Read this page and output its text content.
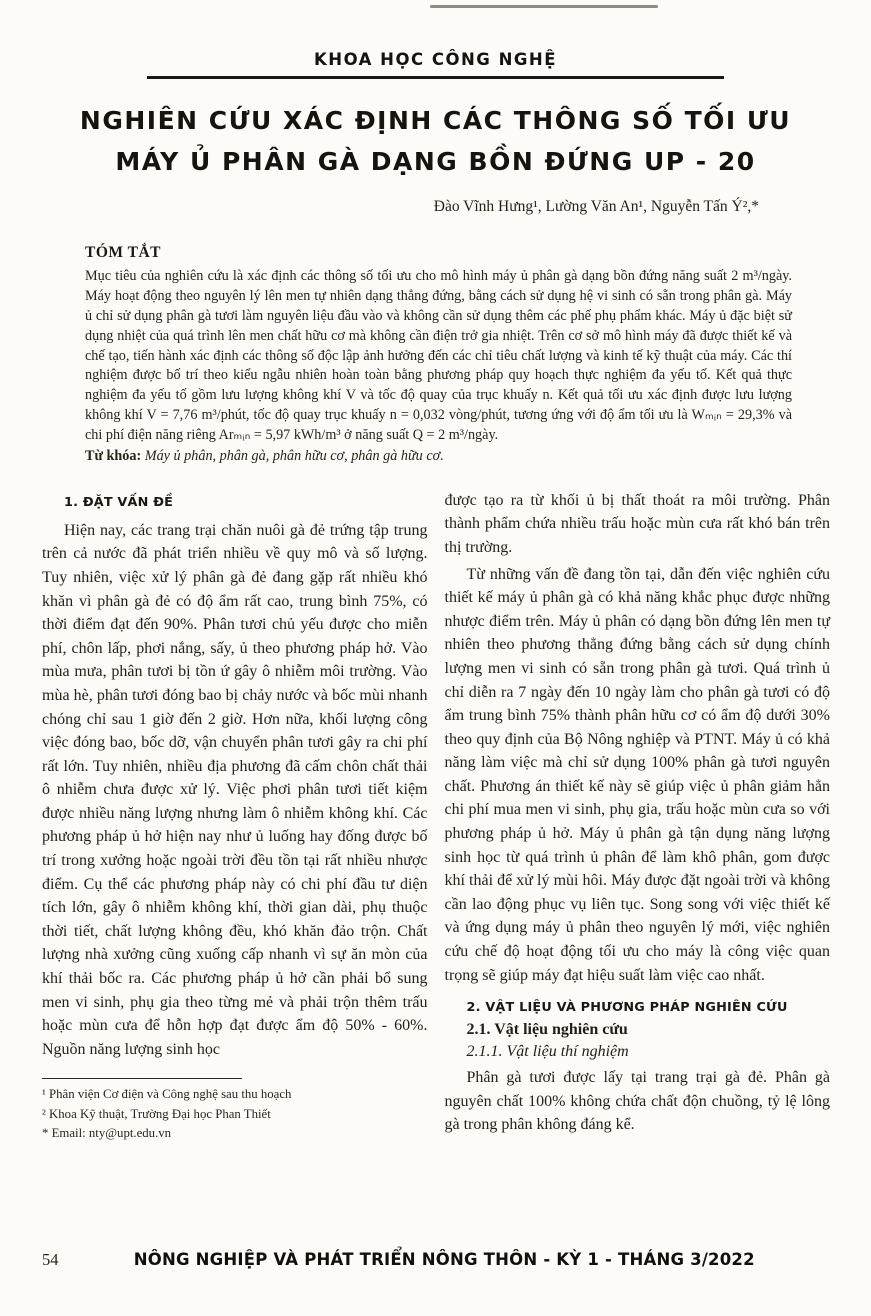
KHOA HỌC CÔNG NGHỆ
NGHIÊN CỨU XÁC ĐỊNH CÁC THÔNG SỐ TỐI ƯU
MÁY Ủ PHÂN GÀ DẠNG BỒN ĐỨNG UP - 20
Đào Vĩnh Hưng¹, Lường Văn An¹, Nguyễn Tấn Ý²,*
TÓM TẮT

Mục tiêu của nghiên cứu là xác định các thông số tối ưu cho mô hình máy ủ phân gà dạng bồn đứng năng suất 2 m³/ngày. Máy hoạt động theo nguyên lý lên men tự nhiên dạng thẳng đứng, bằng cách sử dụng hệ vi sinh có sẵn trong phân gà. Máy ủ chỉ sử dụng phân gà tươi làm nguyên liệu đầu vào và không cần sử dụng thêm các phế phụ phẩm khác. Máy ủ đặc biệt sử dụng nhiệt của quá trình lên men chất hữu cơ mà không cần điện trở gia nhiệt. Trên cơ sở mô hình máy đã được thiết kế và chế tạo, tiến hành xác định các thông số độc lập ảnh hưởng đến các chỉ tiêu chất lượng và kinh tế kỹ thuật của máy. Các thí nghiệm được bố trí theo kiểu ngẫu nhiên hoàn toàn bằng phương pháp quy hoạch thực nghiệm đa yếu tố. Kết quả thực nghiệm đa yếu tố gồm lưu lượng không khí V và tốc độ quay của trục khuấy n. Kết quả tối ưu xác định được lưu lượng không khí V = 7,76 m³/phút, tốc độ quay trục khuấy n = 0,032 vòng/phút, tương ứng với độ ẩm tối ưu là Wₘᵢₙ = 29,3% và chi phí điện năng riêng Arₘᵢₙ = 5,97 kWh/m³ ở năng suất Q = 2 m³/ngày.

Từ khóa: Máy ủ phân, phân gà, phân hữu cơ, phân gà hữu cơ.

1. ĐẶT VẤN ĐỀ

Hiện nay, các trang trại chăn nuôi gà đẻ trứng tập trung trên cả nước đã phát triển nhiều về quy mô và số lượng. Tuy nhiên, việc xử lý phân gà đẻ đang gặp rất nhiều khó khăn vì phân gà đẻ có độ ẩm rất cao, trung bình 75%, có thời điểm đạt đến 90%. Phân tươi chủ yếu được cho miễn phí, chôn lấp, phơi nắng, sấy, ủ theo phương pháp hở. Vào mùa mưa, phân tươi bị tồn ứ gây ô nhiễm môi trường. Vào mùa hè, phân tươi đóng bao bị chảy nước và bốc mùi nhanh chóng chỉ sau 1 giờ đến 2 giờ. Hơn nữa, khối lượng công việc đóng bao, bốc dỡ, vận chuyển phân tươi gây ra chi phí rất lớn. Tuy nhiên, nhiều địa phương đã cấm chôn chất thải ô nhiễm chưa được xử lý. Việc phơi phân tươi tiết kiệm được nhiều năng lượng nhưng làm ô nhiễm không khí. Các phương pháp ủ hở hiện nay như ủ luống hay đống được bố trí trong xưởng hoặc ngoài trời đều tồn tại rất nhiều nhược điểm. Cụ thể các phương pháp này có chi phí đầu tư diện tích lớn, gây ô nhiễm không khí, thời gian dài, phụ thuộc thời tiết, chất lượng không đều, khó khăn đảo trộn. Chất lượng nhà xưởng cũng xuống cấp nhanh vì sự ăn mòn của khí thải bốc ra. Các phương pháp ủ hở cần phải bổ sung men vi sinh, phụ gia theo từng mẻ và phải trộn thêm trấu hoặc mùn cưa để hỗn hợp đạt được ẩm độ 50% - 60%. Nguồn năng lượng sinh học

¹ Phân viện Cơ điện và Công nghệ sau thu hoạch
² Khoa Kỹ thuật, Trường Đại học Phan Thiết
* Email: nty@upt.edu.vn

được tạo ra từ khối ủ bị thất thoát ra môi trường. Phân thành phẩm chứa nhiều trấu hoặc mùn cưa rất khó bán trên thị trường.

Từ những vấn đề đang tồn tại, dẫn đến việc nghiên cứu thiết kế máy ủ phân gà có khả năng khắc phục được những nhược điểm trên. Máy ủ phân có dạng bồn đứng lên men tự nhiên theo phương thẳng đứng bằng cách sử dụng chính lượng men vi sinh có sẵn trong phân gà tươi. Quá trình ủ chỉ diễn ra 7 ngày đến 10 ngày làm cho phân gà tươi có độ ẩm trung bình 75% thành phân hữu cơ có ẩm độ dưới 30% theo quy định của Bộ Nông nghiệp và PTNT. Máy ủ có khả năng làm việc mà chỉ sử dụng 100% phân gà tươi nguyên chất. Phương án thiết kế này sẽ giúp việc ủ phân giảm hẳn chi phí mua men vi sinh, phụ gia, trấu hoặc mùn cưa so với phương pháp ủ hở. Máy ủ phân gà tận dụng năng lượng sinh học từ quá trình ủ phân để làm khô phân, gom được khí thải để xử lý mùi hôi. Máy được đặt ngoài trời và không cần lao động phục vụ liên tục. Song song với việc thiết kế và ứng dụng máy ủ phân theo nguyên lý mới, việc nghiên cứu chế độ hoạt động tối ưu cho máy là công việc quan trọng sẽ giúp máy đạt hiệu suất làm việc cao nhất.

2. VẬT LIỆU VÀ PHƯƠNG PHÁP NGHIÊN CỨU
2.1. Vật liệu nghiên cứu
2.1.1. Vật liệu thí nghiệm

Phân gà tươi được lấy tại trang trại gà đẻ. Phân gà nguyên chất 100% không chứa chất độn chuồng, tỷ lệ lông gà trong phân không đáng kể.

54	NÔNG NGHIỆP VÀ PHÁT TRIỂN NÔNG THÔN - KỲ 1 - THÁNG 3/2022
